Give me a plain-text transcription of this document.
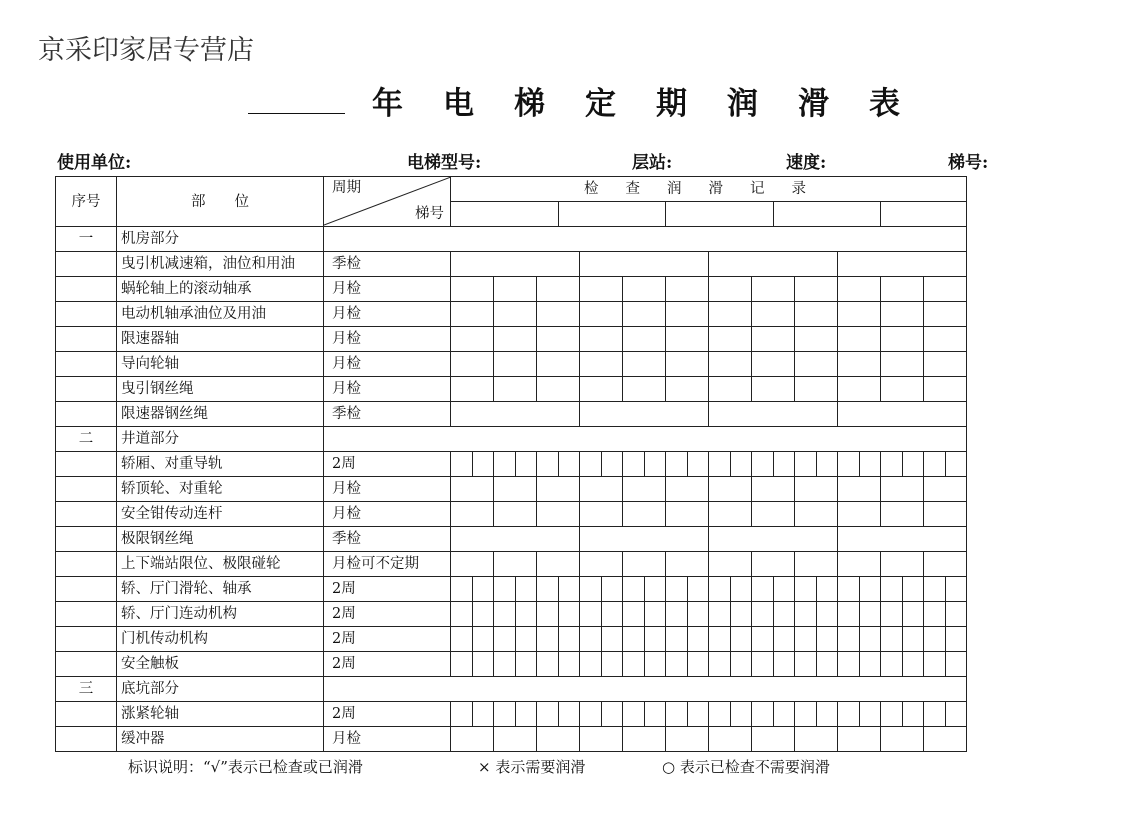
京采印家居专营店
年电梯定期润滑表
使用单位:	电梯型号:	层站:	速度:	梯号:
序号	部　　位	周期
梯号	检查润滑记录																							

一	机房部分																									
	曳引机减速箱，油位和用油	季检																								
	蜗轮轴上的滚动轴承	月检																								
	电动机轴承油位及用油	月检																								
	限速器轴	月检																								
	导向轮轴	月检																								
	曳引钢丝绳	月检																								
	限速器钢丝绳	季检																								
二	井道部分																									
	轿厢、对重导轨	2周																								
	轿顶轮、对重轮	月检																								
	安全钳传动连杆	月检																								
	极限钢丝绳	季检																								
	上下端站限位、极限碰轮	月检可不定期																								
	轿、厅门滑轮、轴承	2周																								
	轿、厅门连动机构	2周																								
	门机传动机构	2周																								
	安全触板	2周																								
三	底坑部分																									
	涨紧轮轴	2周																								
	缓冲器	月检																								
标识说明：“√”表示已检查或已润滑	× 表示需要润滑	○ 表示已检查不需要润滑
